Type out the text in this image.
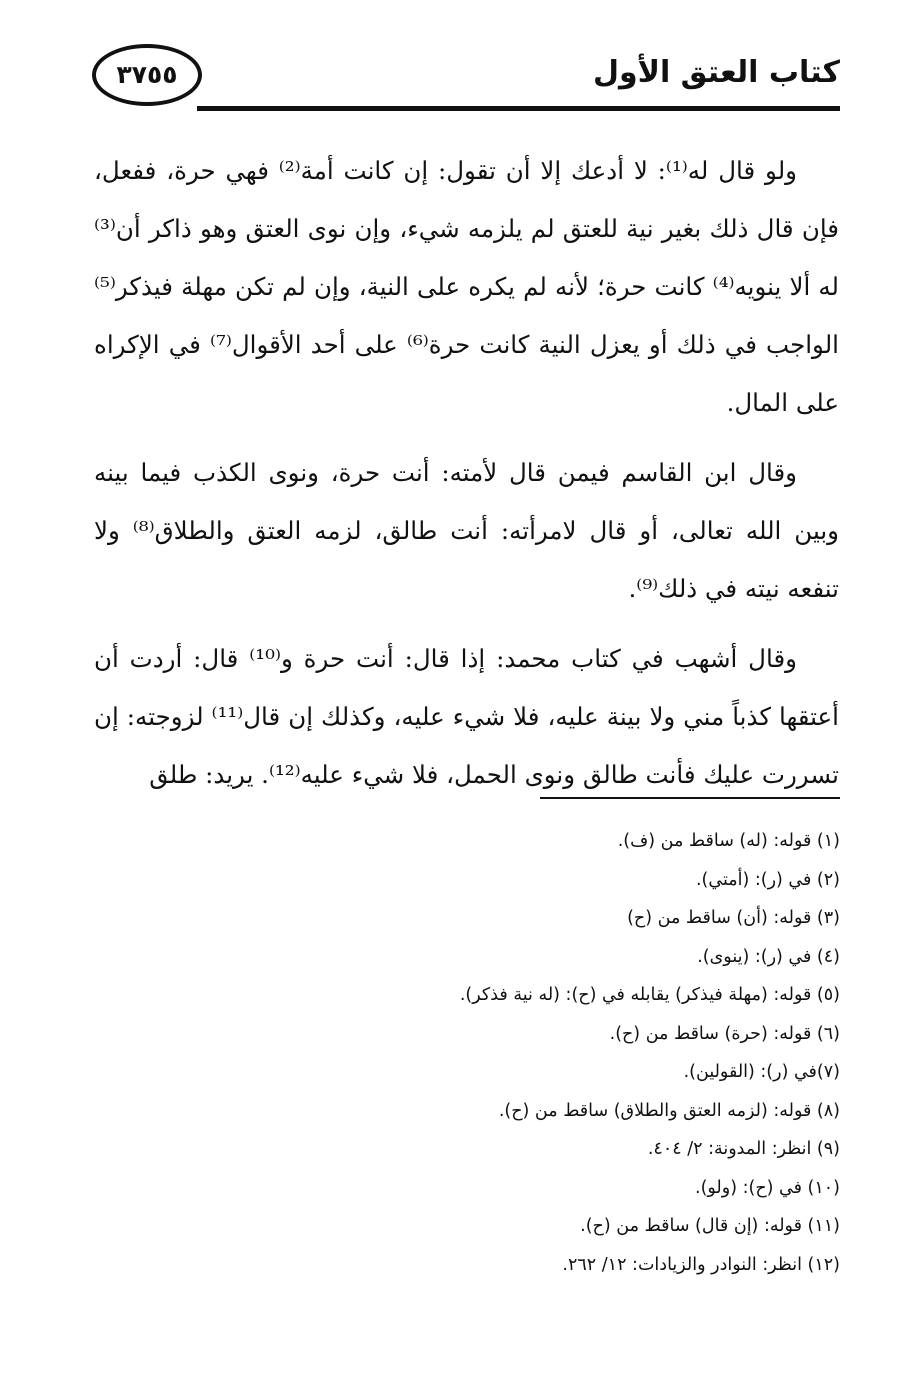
كتاب العتق الأول
٣٧٥٥

ولو قال له⁽¹⁾: لا أدعك إلا أن تقول: إن كانت أمة⁽²⁾ فهي حرة، ففعل، فإن قال ذلك بغير نية للعتق لم يلزمه شيء، وإن نوى العتق وهو ذاكر أن⁽³⁾ له ألا ينويه⁽⁴⁾ كانت حرة؛ لأنه لم يكره على النية، وإن لم تكن مهلة فيذكر⁽⁵⁾ الواجب في ذلك أو يعزل النية كانت حرة⁽⁶⁾ على أحد الأقوال⁽⁷⁾ في الإكراه على المال.

وقال ابن القاسم فيمن قال لأمته: أنت حرة، ونوى الكذب فيما بينه وبين الله تعالى، أو قال لامرأته: أنت طالق، لزمه العتق والطلاق⁽⁸⁾ ولا تنفعه نيته في ذلك⁽⁹⁾.

وقال أشهب في كتاب محمد: إذا قال: أنت حرة و⁽¹⁰⁾ قال: أردت أن أعتقها كذباً مني ولا بينة عليه، فلا شيء عليه، وكذلك إن قال⁽¹¹⁾ لزوجته: إن تسررت عليك فأنت طالق ونوى الحمل، فلا شيء عليه⁽¹²⁾. يريد: طلق

(١) قوله: (له) ساقط من (ف).
(٢) في (ر): (أمتي).
(٣) قوله: (أن) ساقط من (ح)
(٤) في (ر): (ينوى).
(٥) قوله: (مهلة فيذكر) يقابله في (ح): (له نية فذكر).
(٦) قوله: (حرة) ساقط من (ح).
(٧)في (ر): (القولين).
(٨) قوله: (لزمه العتق والطلاق) ساقط من (ح).
(٩) انظر: المدونة: ٢/ ٤٠٤.
(١٠) في (ح): (ولو).
(١١) قوله: (إن قال) ساقط من (ح).
(١٢) انظر: النوادر والزيادات: ١٢/ ٢٦٢.
